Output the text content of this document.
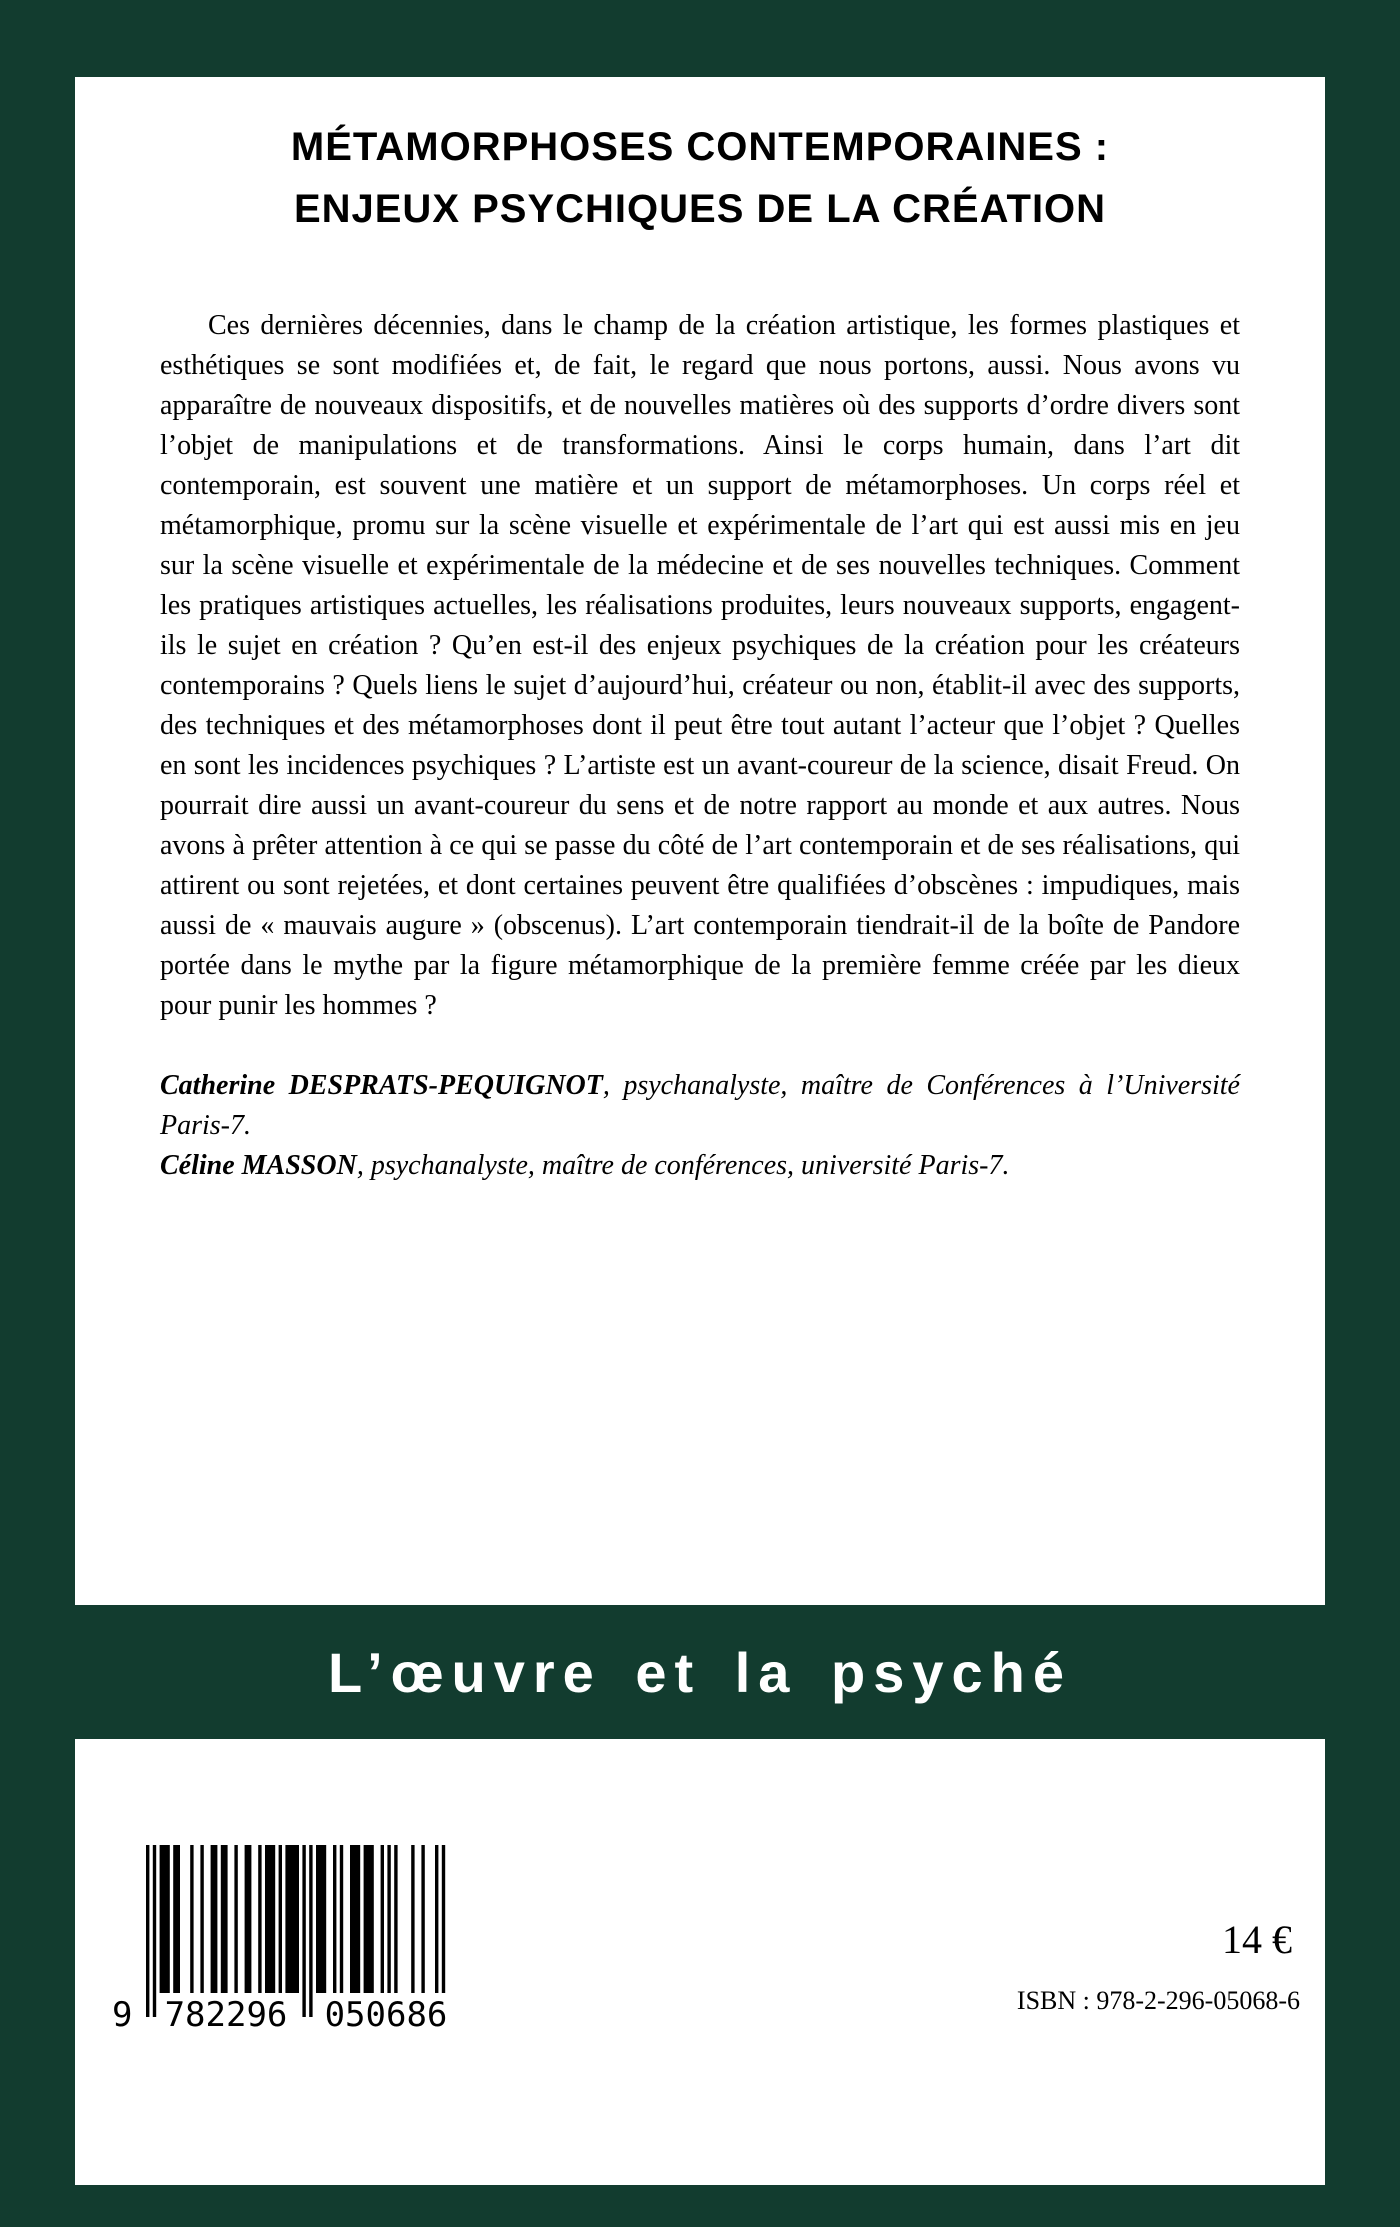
MÉTAMORPHOSES CONTEMPORAINES :
ENJEUX PSYCHIQUES DE LA CRÉATION

Ces dernières décennies, dans le champ de la création artistique, les formes plastiques et esthétiques se sont modifiées et, de fait, le regard que nous portons, aussi. Nous avons vu apparaître de nouveaux dispositifs, et de nouvelles matières où des supports d’ordre divers sont l’objet de manipulations et de transformations. Ainsi le corps humain, dans l’art dit contemporain, est souvent une matière et un support de métamorphoses. Un corps réel et métamorphique, promu sur la scène visuelle et expérimentale de l’art qui est aussi mis en jeu sur la scène visuelle et expérimentale de la médecine et de ses nouvelles techniques. Comment les pratiques artistiques actuelles, les réalisations produites, leurs nouveaux supports, engagent-ils le sujet en création ? Qu’en est-il des enjeux psychiques de la création pour les créateurs contemporains ? Quels liens le sujet d’aujourd’hui, créateur ou non, établit-il avec des supports, des techniques et des métamorphoses dont il peut être tout autant l’acteur que l’objet ? Quelles en sont les incidences psychiques ? L’artiste est un avant-coureur de la science, disait Freud. On pourrait dire aussi un avant-coureur du sens et de notre rapport au monde et aux autres. Nous avons à prêter attention à ce qui se passe du côté de l’art contemporain et de ses réalisations, qui attirent ou sont rejetées, et dont certaines peuvent être qualifiées d’obscènes : impudiques, mais aussi de « mauvais augure » (obscenus). L’art contemporain tiendrait-il de la boîte de Pandore portée dans le mythe par la figure métamorphique de la première femme créée par les dieux pour punir les hommes ?

Catherine DESPRATS-PEQUIGNOT, psychanalyste, maître de Conférences à l’Université Paris-7.

Céline MASSON, psychanalyste, maître de conférences, université Paris-7.

L’œuvre et la psyché
9 782296 050686
14 €
ISBN : 978-2-296-05068-6
